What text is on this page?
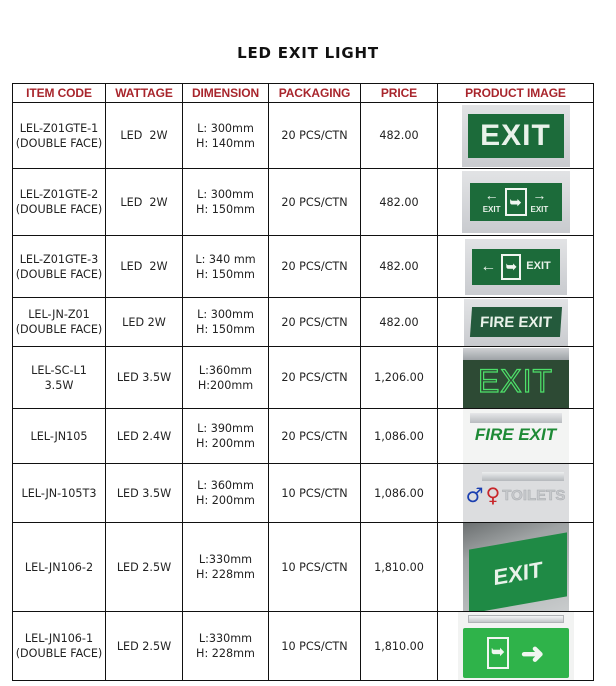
LED EXIT LIGHT
ITEM CODE	WATTAGE	DIMENSION	PACKAGING	PRICE	PRODUCT IMAGE

LEL-Z01GTE-1
(DOUBLE FACE)
	LED  2W	
L: 300mm
H: 140mm
	20 PCS/CTN	482.00	EXIT

LEL-Z01GTE-2
(DOUBLE FACE)
	LED  2W	
L: 300mm
H: 150mm
	20 PCS/CTN	482.00	←
EXIT ➥ →
EXIT

LEL-Z01GTE-3
(DOUBLE FACE)
	LED  2W	
L: 340 mm
H: 150mm
	20 PCS/CTN	482.00	← ➥ EXIT

LEL-JN-Z01
(DOUBLE FACE)
	LED 2W	
L: 300mm
H: 150mm
	20 PCS/CTN	482.00	FIRE EXIT

LEL-SC-L1 3.5W	LED 3.5W	L:360mm
H:200mm	20 PCS/CTN	1,206.00	EXIT

LEL-JN105	LED 2.4W	L: 390mm
H: 200mm	20 PCS/CTN	1,086.00	FIRE EXIT

LEL-JN-105T3	LED 3.5W	
L: 360mm
H: 200mm
	10 PCS/CTN	1,086.00	♂ ♀ TOILETS

LEL-JN106-2	LED 2.5W	L:330mm
H: 228mm	10 PCS/CTN	1,810.00	EXIT

LEL-JN106-1
(DOUBLE FACE)
	LED 2.5W	
L:330mm
H: 228mm
	10 PCS/CTN	1,810.00	➥ ➜
